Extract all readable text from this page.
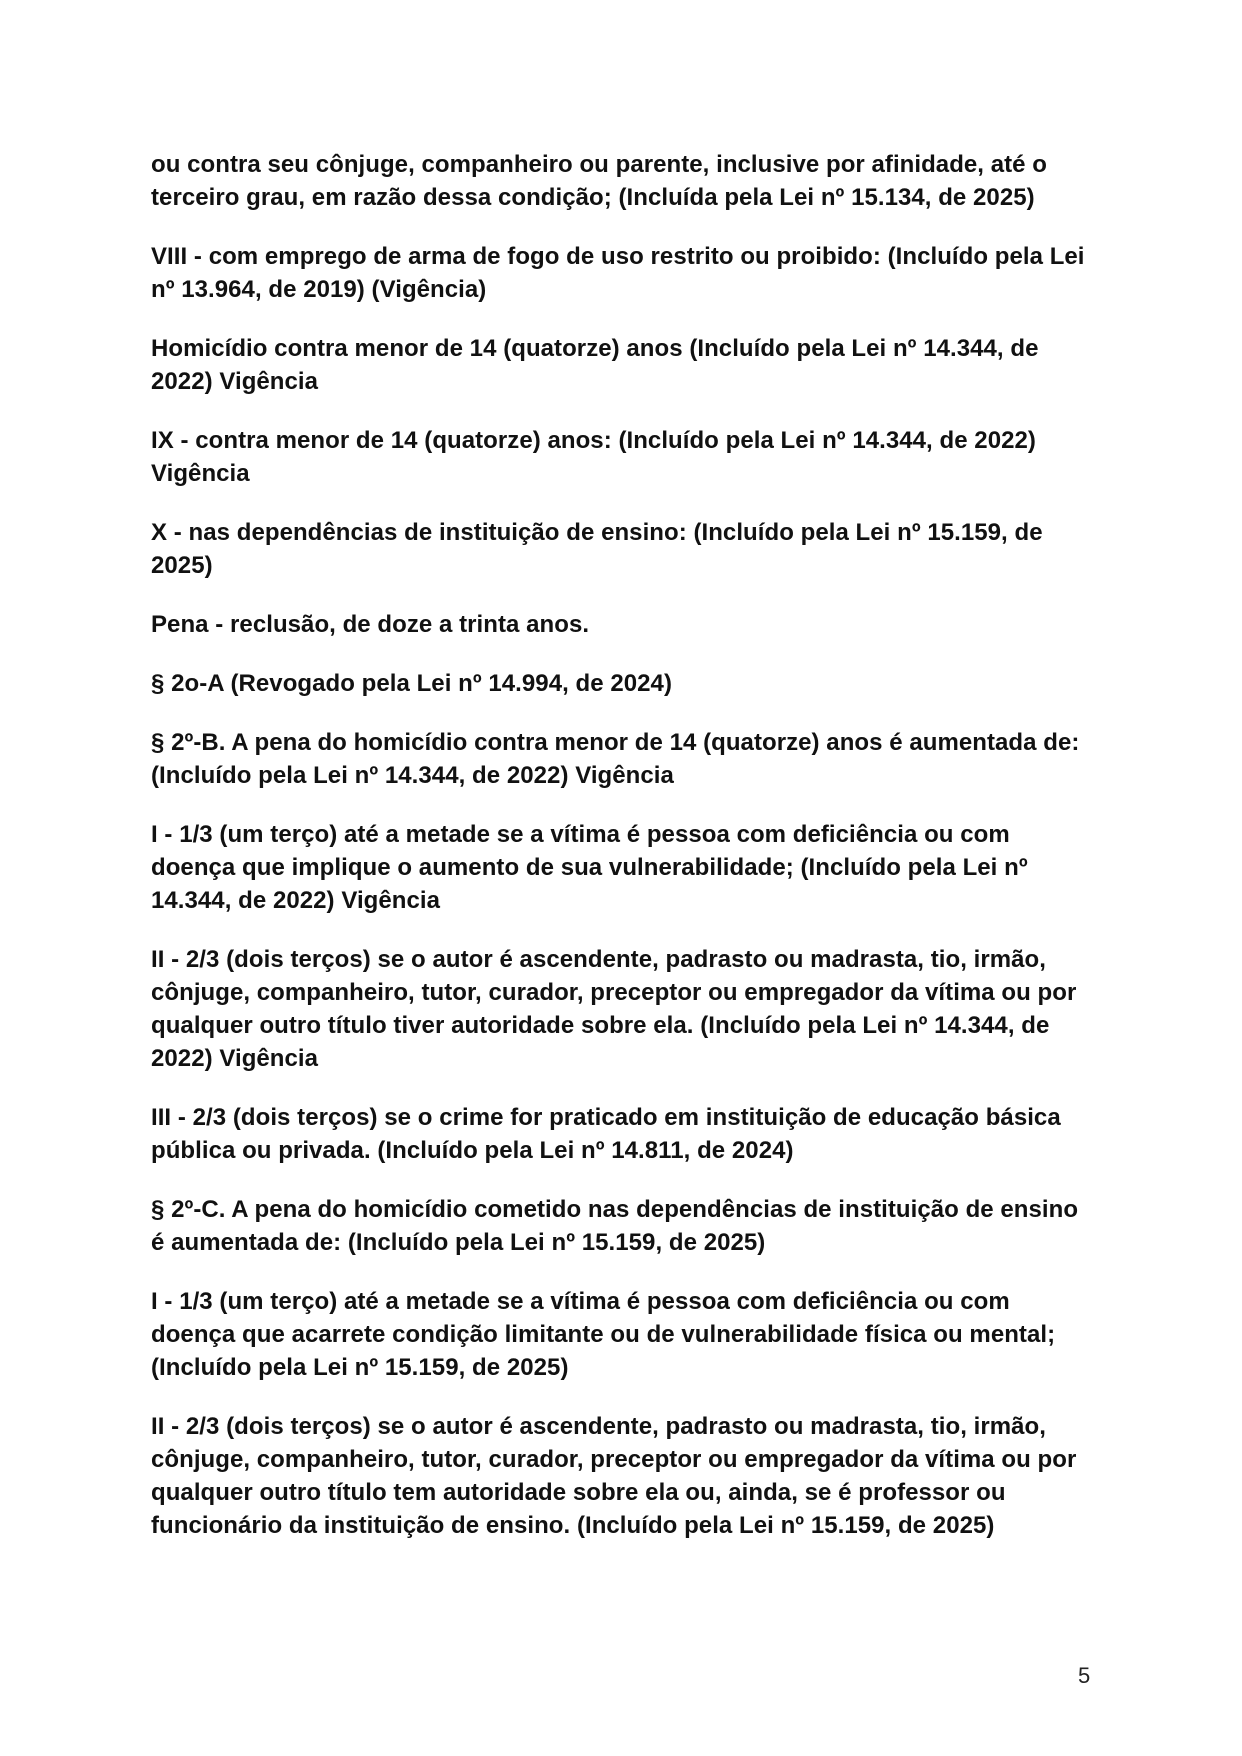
ou contra seu cônjuge, companheiro ou parente, inclusive por afinidade, até o terceiro grau, em razão dessa condição; (Incluída pela Lei nº 15.134, de 2025)

VIII - com emprego de arma de fogo de uso restrito ou proibido: (Incluído pela Lei nº 13.964, de 2019) (Vigência)

Homicídio contra menor de 14 (quatorze) anos (Incluído pela Lei nº 14.344, de 2022) Vigência

IX - contra menor de 14 (quatorze) anos: (Incluído pela Lei nº 14.344, de 2022) Vigência

X - nas dependências de instituição de ensino: (Incluído pela Lei nº 15.159, de 2025)

Pena - reclusão, de doze a trinta anos.

§ 2o-A (Revogado pela Lei nº 14.994, de 2024)

§ 2º-B. A pena do homicídio contra menor de 14 (quatorze) anos é aumentada de: (Incluído pela Lei nº 14.344, de 2022) Vigência

I - 1/3 (um terço) até a metade se a vítima é pessoa com deficiência ou com doença que implique o aumento de sua vulnerabilidade; (Incluído pela Lei nº 14.344, de 2022) Vigência

II - 2/3 (dois terços) se o autor é ascendente, padrasto ou madrasta, tio, irmão, cônjuge, companheiro, tutor, curador, preceptor ou empregador da vítima ou por qualquer outro título tiver autoridade sobre ela. (Incluído pela Lei nº 14.344, de 2022) Vigência

III - 2/3 (dois terços) se o crime for praticado em instituição de educação básica pública ou privada. (Incluído pela Lei nº 14.811, de 2024)

§ 2º-C. A pena do homicídio cometido nas dependências de instituição de ensino é aumentada de: (Incluído pela Lei nº 15.159, de 2025)

I - 1/3 (um terço) até a metade se a vítima é pessoa com deficiência ou com doença que acarrete condição limitante ou de vulnerabilidade física ou mental; (Incluído pela Lei nº 15.159, de 2025)

II - 2/3 (dois terços) se o autor é ascendente, padrasto ou madrasta, tio, irmão, cônjuge, companheiro, tutor, curador, preceptor ou empregador da vítima ou por qualquer outro título tem autoridade sobre ela ou, ainda, se é professor ou funcionário da instituição de ensino. (Incluído pela Lei nº 15.159, de 2025)

5
